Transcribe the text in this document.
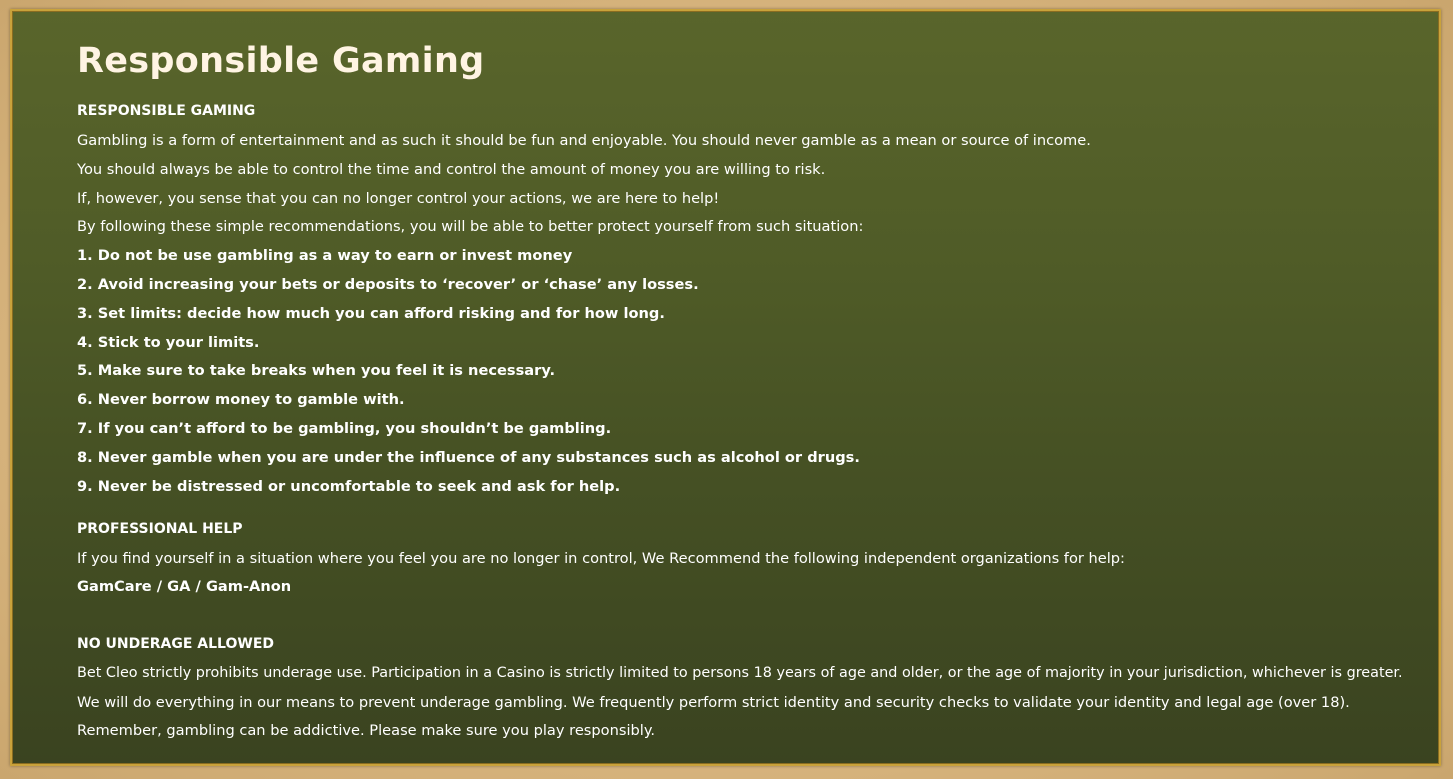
Responsible Gaming
RESPONSIBLE GAMING
Gambling is a form of entertainment and as such it should be fun and enjoyable. You should never gamble as a mean or source of income.
You should always be able to control the time and control the amount of money you are willing to risk.
If, however, you sense that you can no longer control your actions, we are here to help!
By following these simple recommendations, you will be able to better protect yourself from such situation:
1. Do not be use gambling as a way to earn or invest money
2. Avoid increasing your bets or deposits to ‘recover’ or ‘chase’ any losses.
3. Set limits: decide how much you can afford risking and for how long.
4. Stick to your limits.
5. Make sure to take breaks when you feel it is necessary.
6. Never borrow money to gamble with.
7. If you can’t afford to be gambling, you shouldn’t be gambling.
8. Never gamble when you are under the influence of any substances such as alcohol or drugs.
9. Never be distressed or uncomfortable to seek and ask for help.
PROFESSIONAL HELP
If you find yourself in a situation where you feel you are no longer in control, We Recommend the following independent organizations for help:
GamCare / GA / Gam-Anon
NO UNDERAGE ALLOWED
Bet Cleo strictly prohibits underage use. Participation in a Casino is strictly limited to persons 18 years of age and older, or the age of majority in your jurisdiction, whichever is greater.
We will do everything in our means to prevent underage gambling. We frequently perform strict identity and security checks to validate your identity and legal age (over 18).
Remember, gambling can be addictive. Please make sure you play responsibly.
